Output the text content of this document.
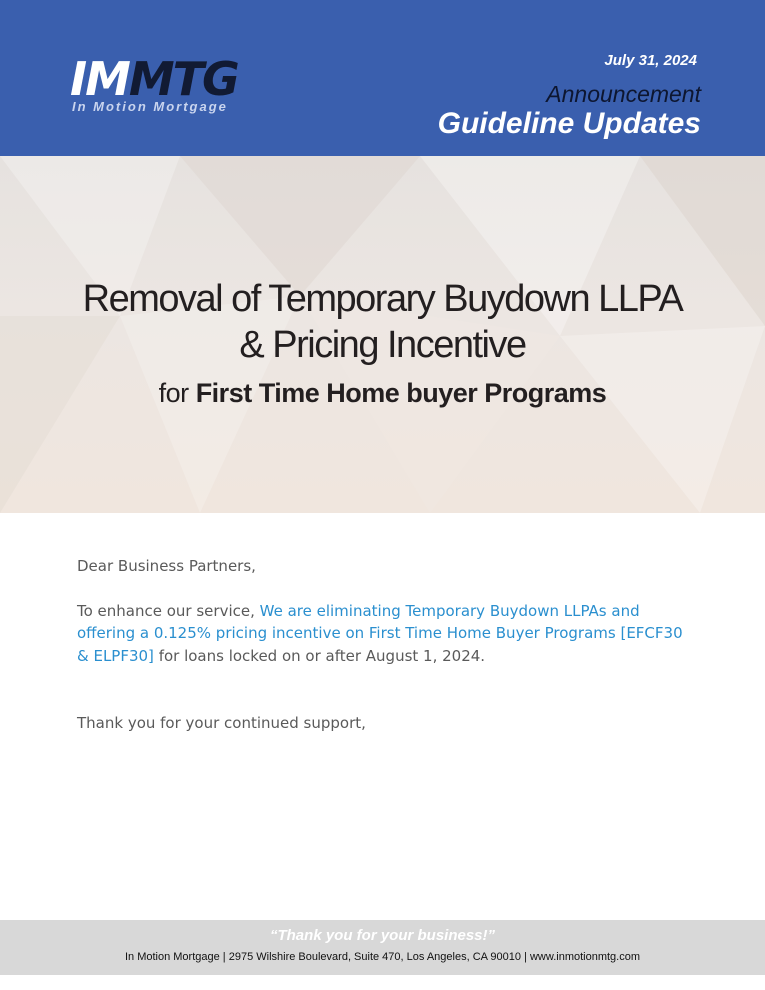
IM MTG
In Motion Mortgage
July 31, 2024
Announcement
Guideline Updates
Removal of Temporary Buydown LLPA
& Pricing Incentive
for First Time Home buyer Programs

Dear Business Partners,

To enhance our service, We are eliminating Temporary Buydown LLPAs and offering a 0.125% pricing incentive on First Time Home Buyer Programs [EFCF30 & ELPF30] for loans locked on or after August 1, 2024.

Thank you for your continued support,

“Thank you for your business!”
In Motion Mortgage | 2975 Wilshire Boulevard, Suite 470, Los Angeles, CA 90010 | www.inmotionmtg.com
